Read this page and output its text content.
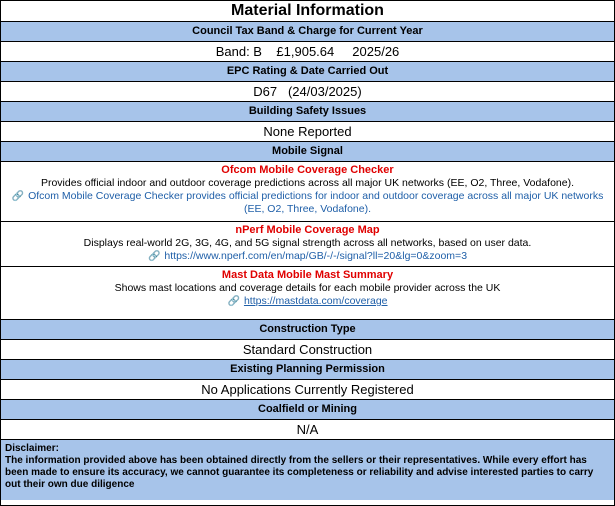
Material Information
Council Tax Band & Charge for Current Year
Band: B    £1,905.64     2025/26
EPC Rating & Date Carried Out
D67   (24/03/2025)
Building Safety Issues
None Reported
Mobile Signal
Ofcom Mobile Coverage Checker
Provides official indoor and outdoor coverage predictions across all major UK networks (EE, O2, Three, Vodafone).
🔗 Ofcom Mobile Coverage Checker provides official predictions for indoor and outdoor coverage across all major UK networks (EE, O2, Three, Vodafone).
nPerf Mobile Coverage Map
Displays real-world 2G, 3G, 4G, and 5G signal strength across all networks, based on user data.
🔗 https://www.nperf.com/en/map/GB/-/-/signal?ll=20&lg=0&zoom=3
Mast Data Mobile Mast Summary
Shows mast locations and coverage details for each mobile provider across the UK
🔗 https://mastdata.com/coverage
Construction Type
Standard Construction
Existing Planning Permission
No Applications Currently Registered
Coalfield or Mining
N/A
Disclaimer:
The information provided above has been obtained directly from the sellers or their representatives. While every effort has been made to ensure its accuracy, we cannot guarantee its completeness or reliability and advise interested parties to carry out their own due diligence
